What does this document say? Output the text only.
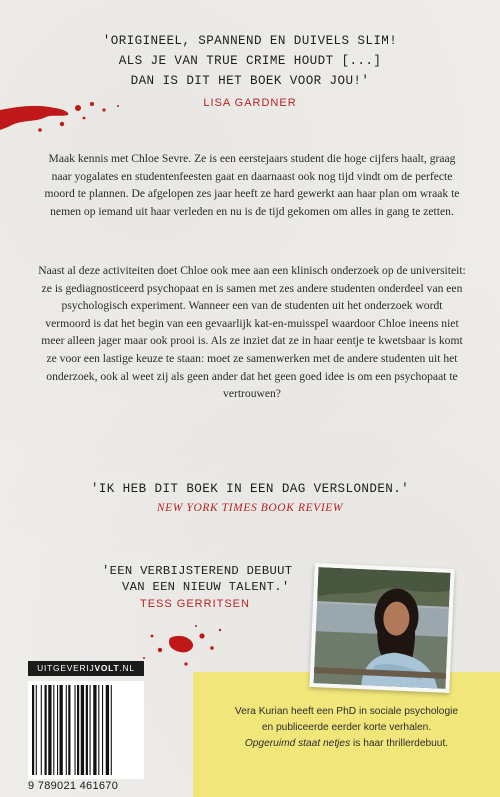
'ORIGINEEL, SPANNEND EN DUIVELS SLIM!
ALS JE VAN TRUE CRIME HOUDT [...]
DAN IS DIT HET BOEK VOOR JOU!'
LISA GARDNER
Maak kennis met Chloe Sevre. Ze is een eerstejaars student die hoge cijfers haalt, graag naar yogalates en studentenfeesten gaat en daarnaast ook nog tijd vindt om de perfecte moord te plannen. De afgelopen zes jaar heeft ze hard gewerkt aan haar plan om wraak te nemen op iemand uit haar verleden en nu is de tijd gekomen om alles in gang te zetten.
Naast al deze activiteiten doet Chloe ook mee aan een klinisch onderzoek op de universiteit: ze is gediagnosticeerd psychopaat en is samen met zes andere studenten onderdeel van een psychologisch experiment. Wanneer een van de studenten uit het onderzoek wordt vermoord is dat het begin van een gevaarlijk kat-en-muisspel waardoor Chloe ineens niet meer alleen jager maar ook prooi is. Als ze inziet dat ze in haar eentje te kwetsbaar is komt ze voor een lastige keuze te staan: moet ze samenwerken met de andere studenten uit het onderzoek, ook al weet zij als geen ander dat het geen goed idee is om een psychopaat te vertrouwen?
'IK HEB DIT BOEK IN EEN DAG VERSLONDEN.'
NEW YORK TIMES BOOK REVIEW
'EEN VERBIJSTEREND DEBUUT
VAN EEN NIEUW TALENT.'
TESS GERRITSEN
Vera Kurian heeft een PhD in sociale psychologie
en publiceerde eerder korte verhalen.
Opgeruimd staat netjes is haar thrillerdebuut.
UITGEVERIJVOLT.NL
9 789021 461670
